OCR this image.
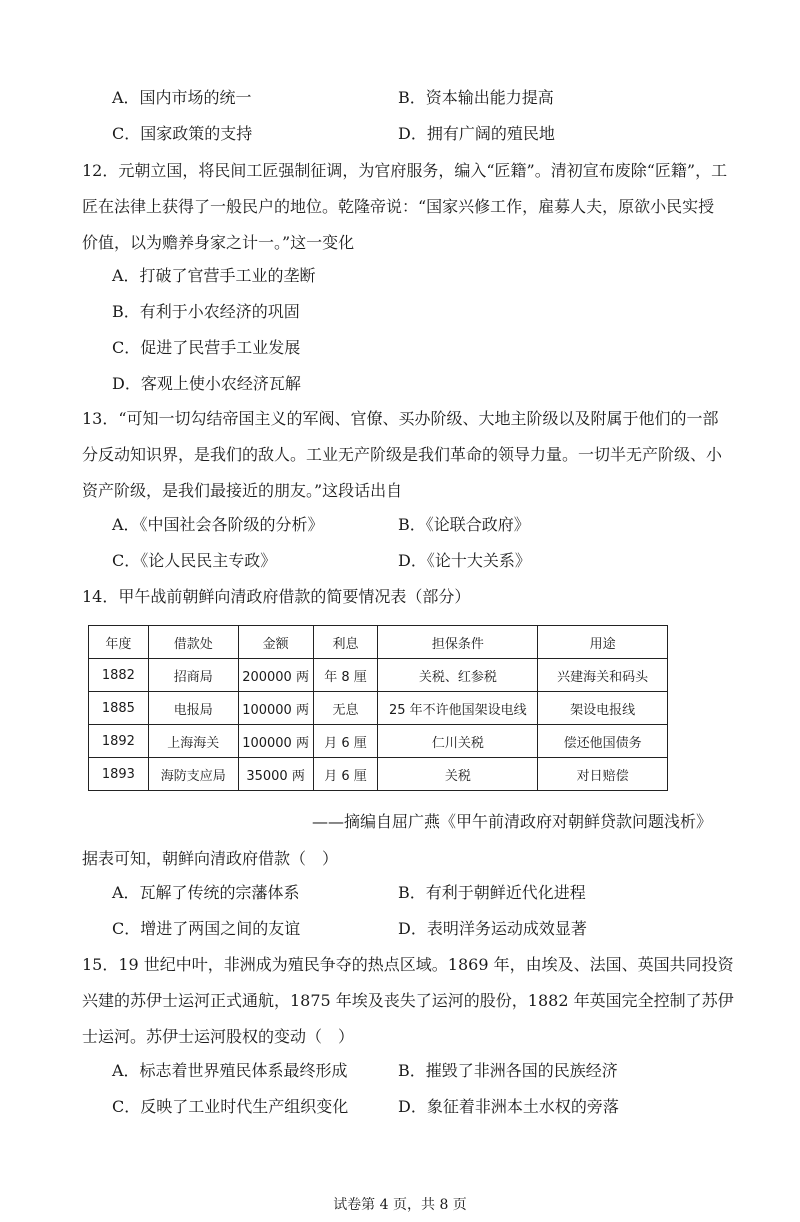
A．国内市场的统一	B．资本输出能力提高
C．国家政策的支持	D．拥有广阔的殖民地
12．元朝立国，将民间工匠强制征调，为官府服务，编入“匠籍”。清初宣布废除“匠籍”，工
匠在法律上获得了一般民户的地位。乾隆帝说：“国家兴修工作，雇募人夫，原欲小民实授
价值，以为赡养身家之计一。”这一变化
A．打破了官营手工业的垄断
B．有利于小农经济的巩固
C．促进了民营手工业发展
D．客观上使小农经济瓦解
13．“可知一切勾结帝国主义的军阀、官僚、买办阶级、大地主阶级以及附属于他们的一部
分反动知识界，是我们的敌人。工业无产阶级是我们革命的领导力量。一切半无产阶级、小
资产阶级，是我们最接近的朋友。”这段话出自
A．《中国社会各阶级的分析》	B．《论联合政府》
C．《论人民民主专政》	D．《论十大关系》
14．甲午战前朝鲜向清政府借款的简要情况表（部分）
年度	借款处	金额	利息	担保条件	用途
1882	招商局	200000 两	年 8 厘	关税、红参税	兴建海关和码头
1885	电报局	100000 两	无息	25 年不许他国架设电线	架设电报线
1892	上海海关	100000 两	月 6 厘	仁川关税	偿还他国债务
1893	海防支应局	35000 两	月 6 厘	关税	对日赔偿
——摘编自屈广燕《甲午前清政府对朝鲜贷款问题浅析》
据表可知，朝鲜向清政府借款（　）
A．瓦解了传统的宗藩体系	B．有利于朝鲜近代化进程
C．增进了两国之间的友谊	D．表明洋务运动成效显著
15．19 世纪中叶，非洲成为殖民争夺的热点区域。1869 年，由埃及、法国、英国共同投资
兴建的苏伊士运河正式通航，1875 年埃及丧失了运河的股份，1882 年英国完全控制了苏伊
士运河。苏伊士运河股权的变动（　）
A．标志着世界殖民体系最终形成	B．摧毁了非洲各国的民族经济
C．反映了工业时代生产组织变化	D．象征着非洲本土水权的旁落
试卷第 4 页，共 8 页
